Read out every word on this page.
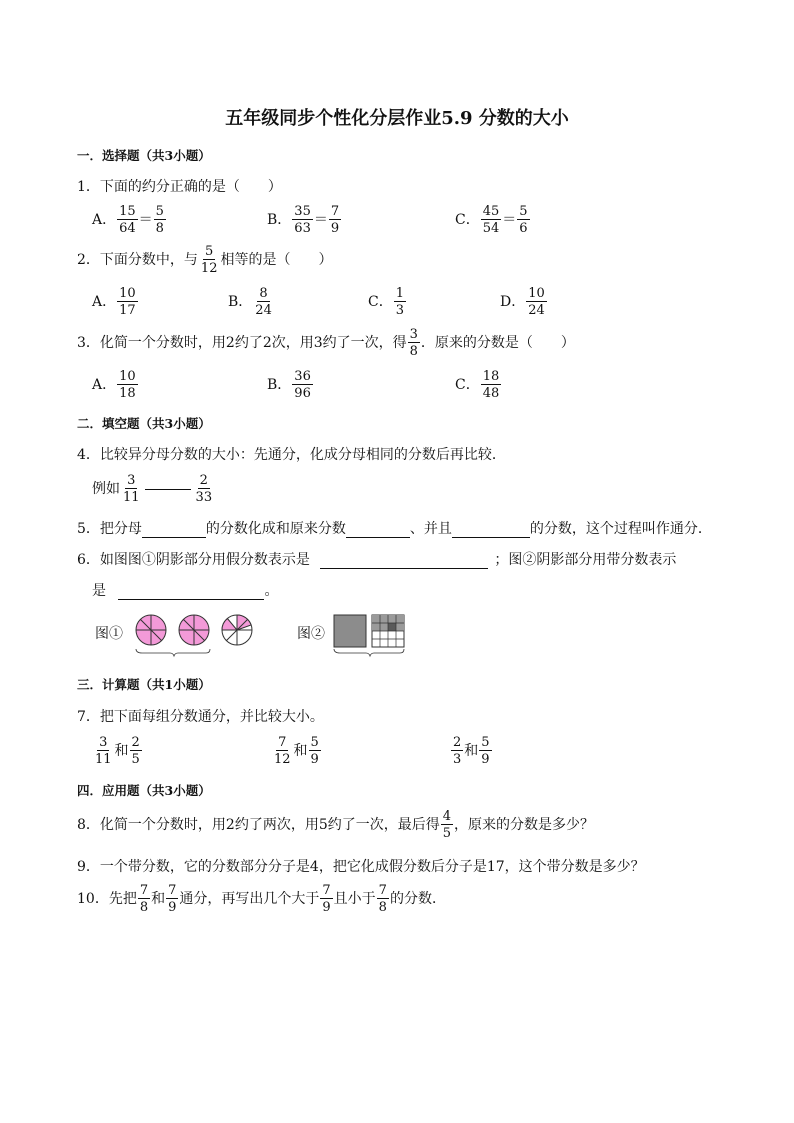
五年级同步个性化分层作业5.9 分数的大小
一．选择题（共3小题）
1．下面的约分正确的是（　　）
A． $\frac{15}{64} = \frac{5}{8}$	B． $\frac{35}{63} = \frac{7}{9}$	C． $\frac{45}{54} = \frac{5}{6}$
2．下面分数中，与 $\frac{5}{12}$ 相等的是（　　）
A． $\frac{10}{17}$	B． $\frac{8}{24}$	C． $\frac{1}{3}$	D． $\frac{10}{24}$
3．化简一个分数时，用2约了2次，用3约了一次，得 $\frac{3}{8}$ ．原来的分数是（　　）
A． $\frac{10}{18}$	B． $\frac{36}{96}$	C． $\frac{18}{48}$
二．填空题（共3小题）
4．比较异分母分数的大小：先通分，化成分母相同的分数后再比较．
例如 $\frac{3}{11}$	$\frac{2}{33}$
5．把分母	的分数化成和原来分数	、并且	的分数，这个过程叫作通分．
6．如图图①阴影部分用假分数表示是	；图②阴影部分用带分数表示
是	。
图①	图②
三．计算题（共1小题）
7．把下面每组分数通分，并比较大小。
$\frac{3}{11}$ 和 $\frac{2}{5}$	$\frac{7}{12}$ 和 $\frac{5}{9}$	$\frac{2}{3}$ 和 $\frac{5}{9}$
四．应用题（共3小题）
8．化简一个分数时，用2约了两次，用5约了一次，最后得 $\frac{4}{5}$ ，原来的分数是多少？
9．一个带分数，它的分数部分分子是4，把它化成假分数后分子是17，这个带分数是多少？
10．先把 $\frac{7}{8}$ 和 $\frac{7}{9}$ 通分，再写出几个大于 $\frac{7}{9}$ 且小于 $\frac{7}{8}$ 的分数．
